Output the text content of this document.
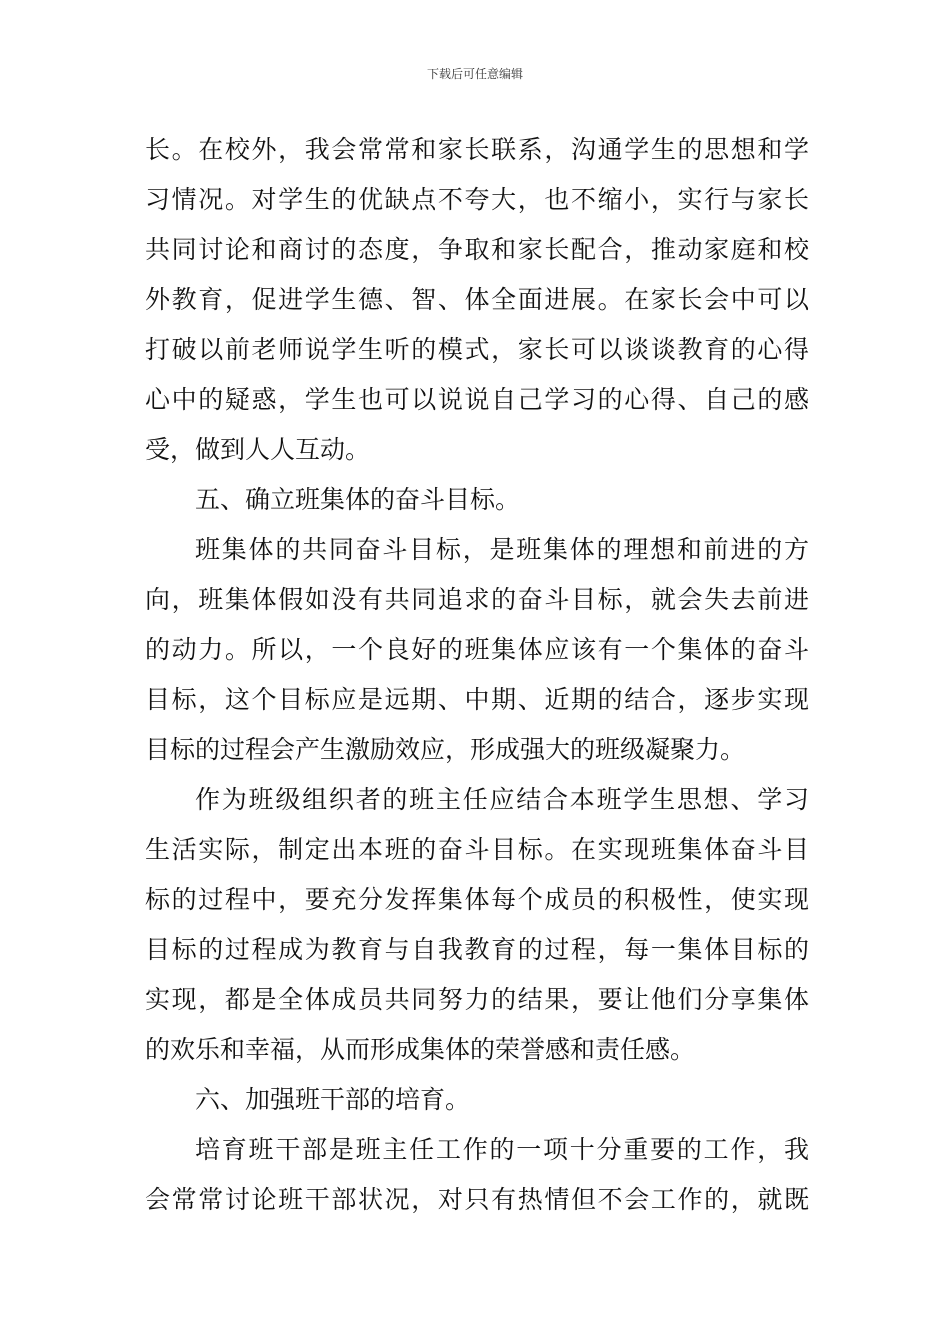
下载后可任意编辑
长。在校外，我会常常和家长联系，沟通学生的思想和学
习情况。对学生的优缺点不夸大，也不缩小，实行与家长
共同讨论和商讨的态度，争取和家长配合，推动家庭和校
外教育，促进学生德、智、体全面进展。在家长会中可以
打破以前老师说学生听的模式，家长可以谈谈教育的心得
心中的疑惑，学生也可以说说自己学习的心得、自己的感
受，做到人人互动。
五、确立班集体的奋斗目标。
班集体的共同奋斗目标，是班集体的理想和前进的方
向，班集体假如没有共同追求的奋斗目标，就会失去前进
的动力。所以，一个良好的班集体应该有一个集体的奋斗
目标，这个目标应是远期、中期、近期的结合，逐步实现
目标的过程会产生激励效应，形成强大的班级凝聚力。
作为班级组织者的班主任应结合本班学生思想、学习
生活实际，制定出本班的奋斗目标。在实现班集体奋斗目
标的过程中，要充分发挥集体每个成员的积极性，使实现
目标的过程成为教育与自我教育的过程，每一集体目标的
实现，都是全体成员共同努力的结果，要让他们分享集体
的欢乐和幸福，从而形成集体的荣誉感和责任感。
六、加强班干部的培育。
培育班干部是班主任工作的一项十分重要的工作，我
会常常讨论班干部状况，对只有热情但不会工作的，就既
